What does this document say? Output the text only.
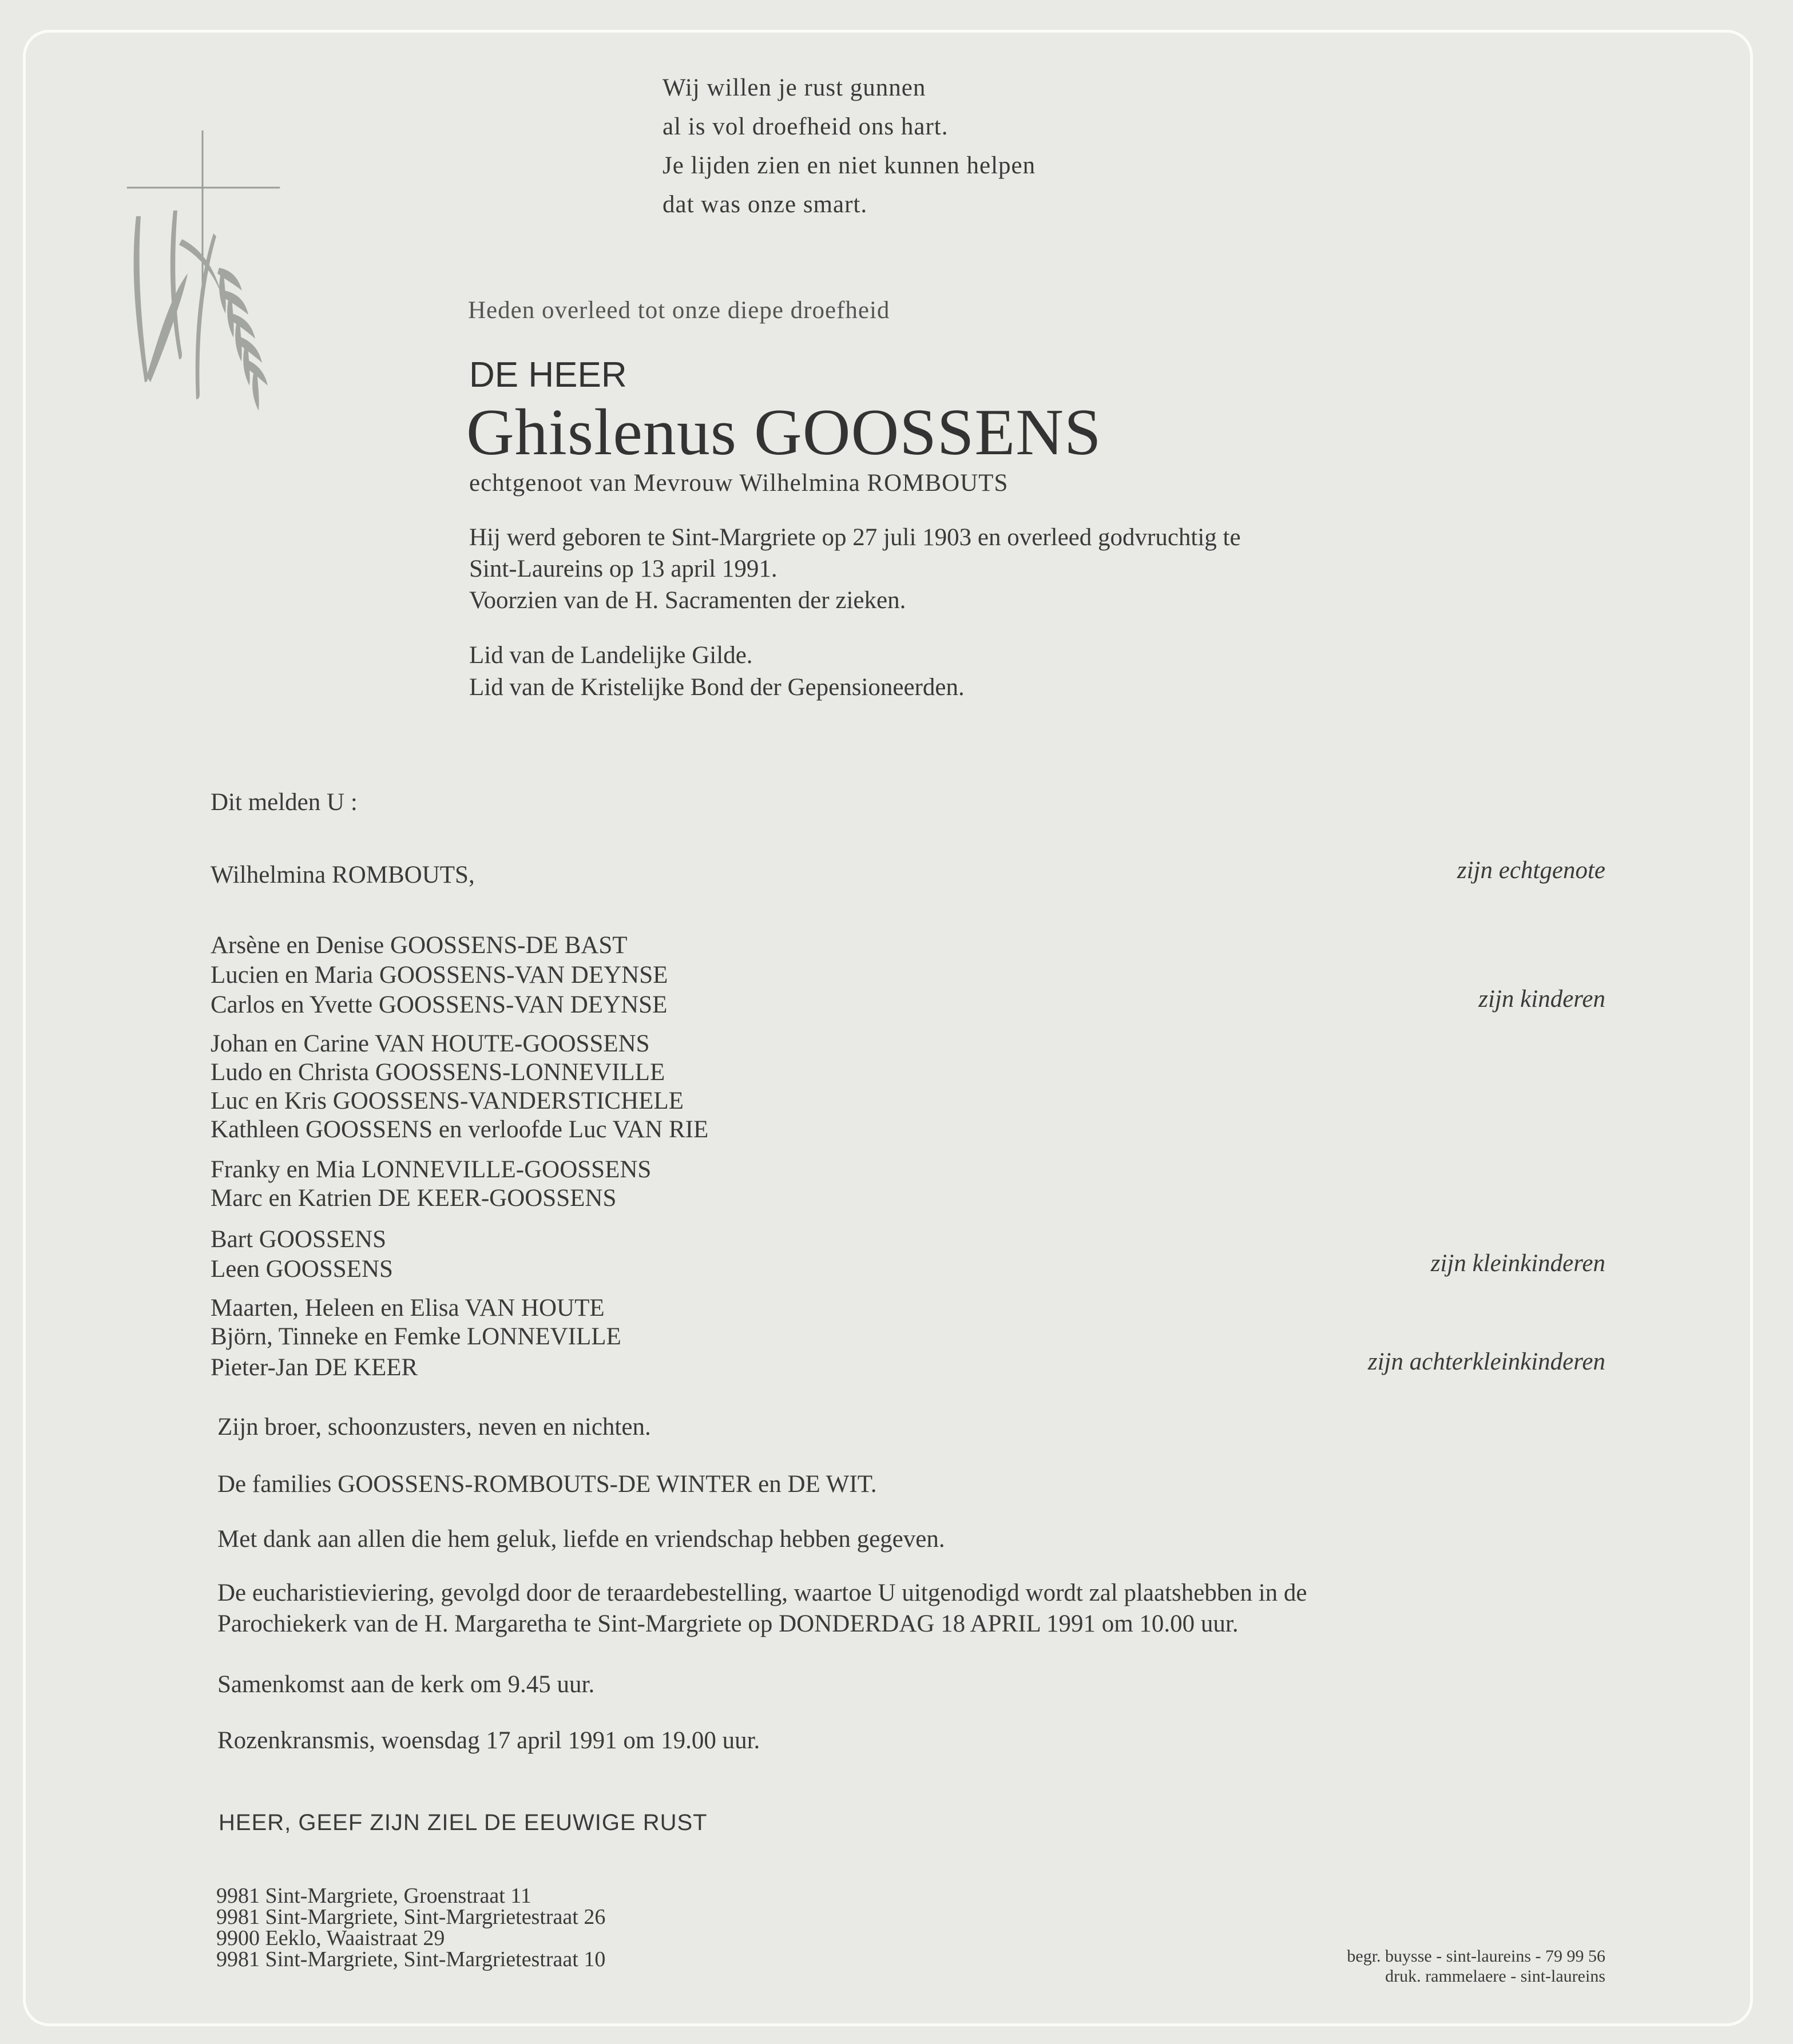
Wij willen je rust gunnen
al is vol droefheid ons hart.
Je lijden zien en niet kunnen helpen
dat was onze smart.
Heden overleed tot onze diepe droefheid
DE HEER
Ghislenus GOOSSENS
echtgenoot van Mevrouw Wilhelmina ROMBOUTS
Hij werd geboren te Sint-Margriete op 27 juli 1903 en overleed godvruchtig te
Sint-Laureins op 13 april 1991.
Voorzien van de H. Sacramenten der zieken.
Lid van de Landelijke Gilde.
Lid van de Kristelijke Bond der Gepensioneerden.
Dit melden U :
Wilhelmina ROMBOUTS,	zijn echtgenote
Arsène en Denise GOOSSENS-DE BAST
Lucien en Maria GOOSSENS-VAN DEYNSE
Carlos en Yvette GOOSSENS-VAN DEYNSE	zijn kinderen
Johan en Carine VAN HOUTE-GOOSSENS
Ludo en Christa GOOSSENS-LONNEVILLE
Luc en Kris GOOSSENS-VANDERSTICHELE
Kathleen GOOSSENS en verloofde Luc VAN RIE
Franky en Mia LONNEVILLE-GOOSSENS
Marc en Katrien DE KEER-GOOSSENS
Bart GOOSSENS
Leen GOOSSENS	zijn kleinkinderen
Maarten, Heleen en Elisa VAN HOUTE
Björn, Tinneke en Femke LONNEVILLE
Pieter-Jan DE KEER	zijn achterkleinkinderen
Zijn broer, schoonzusters, neven en nichten.
De families GOOSSENS-ROMBOUTS-DE WINTER en DE WIT.
Met dank aan allen die hem geluk, liefde en vriendschap hebben gegeven.
De eucharistieviering, gevolgd door de teraardebestelling, waartoe U uitgenodigd wordt zal plaatshebben in de
Parochiekerk van de H. Margaretha te Sint-Margriete op DONDERDAG 18 APRIL 1991 om 10.00 uur.
Samenkomst aan de kerk om 9.45 uur.
Rozenkransmis, woensdag 17 april 1991 om 19.00 uur.
HEER, GEEF ZIJN ZIEL DE EEUWIGE RUST
9981 Sint-Margriete, Groenstraat 11
9981 Sint-Margriete, Sint-Margrietestraat 26
9900 Eeklo, Waaistraat 29
9981 Sint-Margriete, Sint-Margrietestraat 10	begr. buysse - sint-laureins - 79 99 56
druk. rammelaere - sint-laureins
